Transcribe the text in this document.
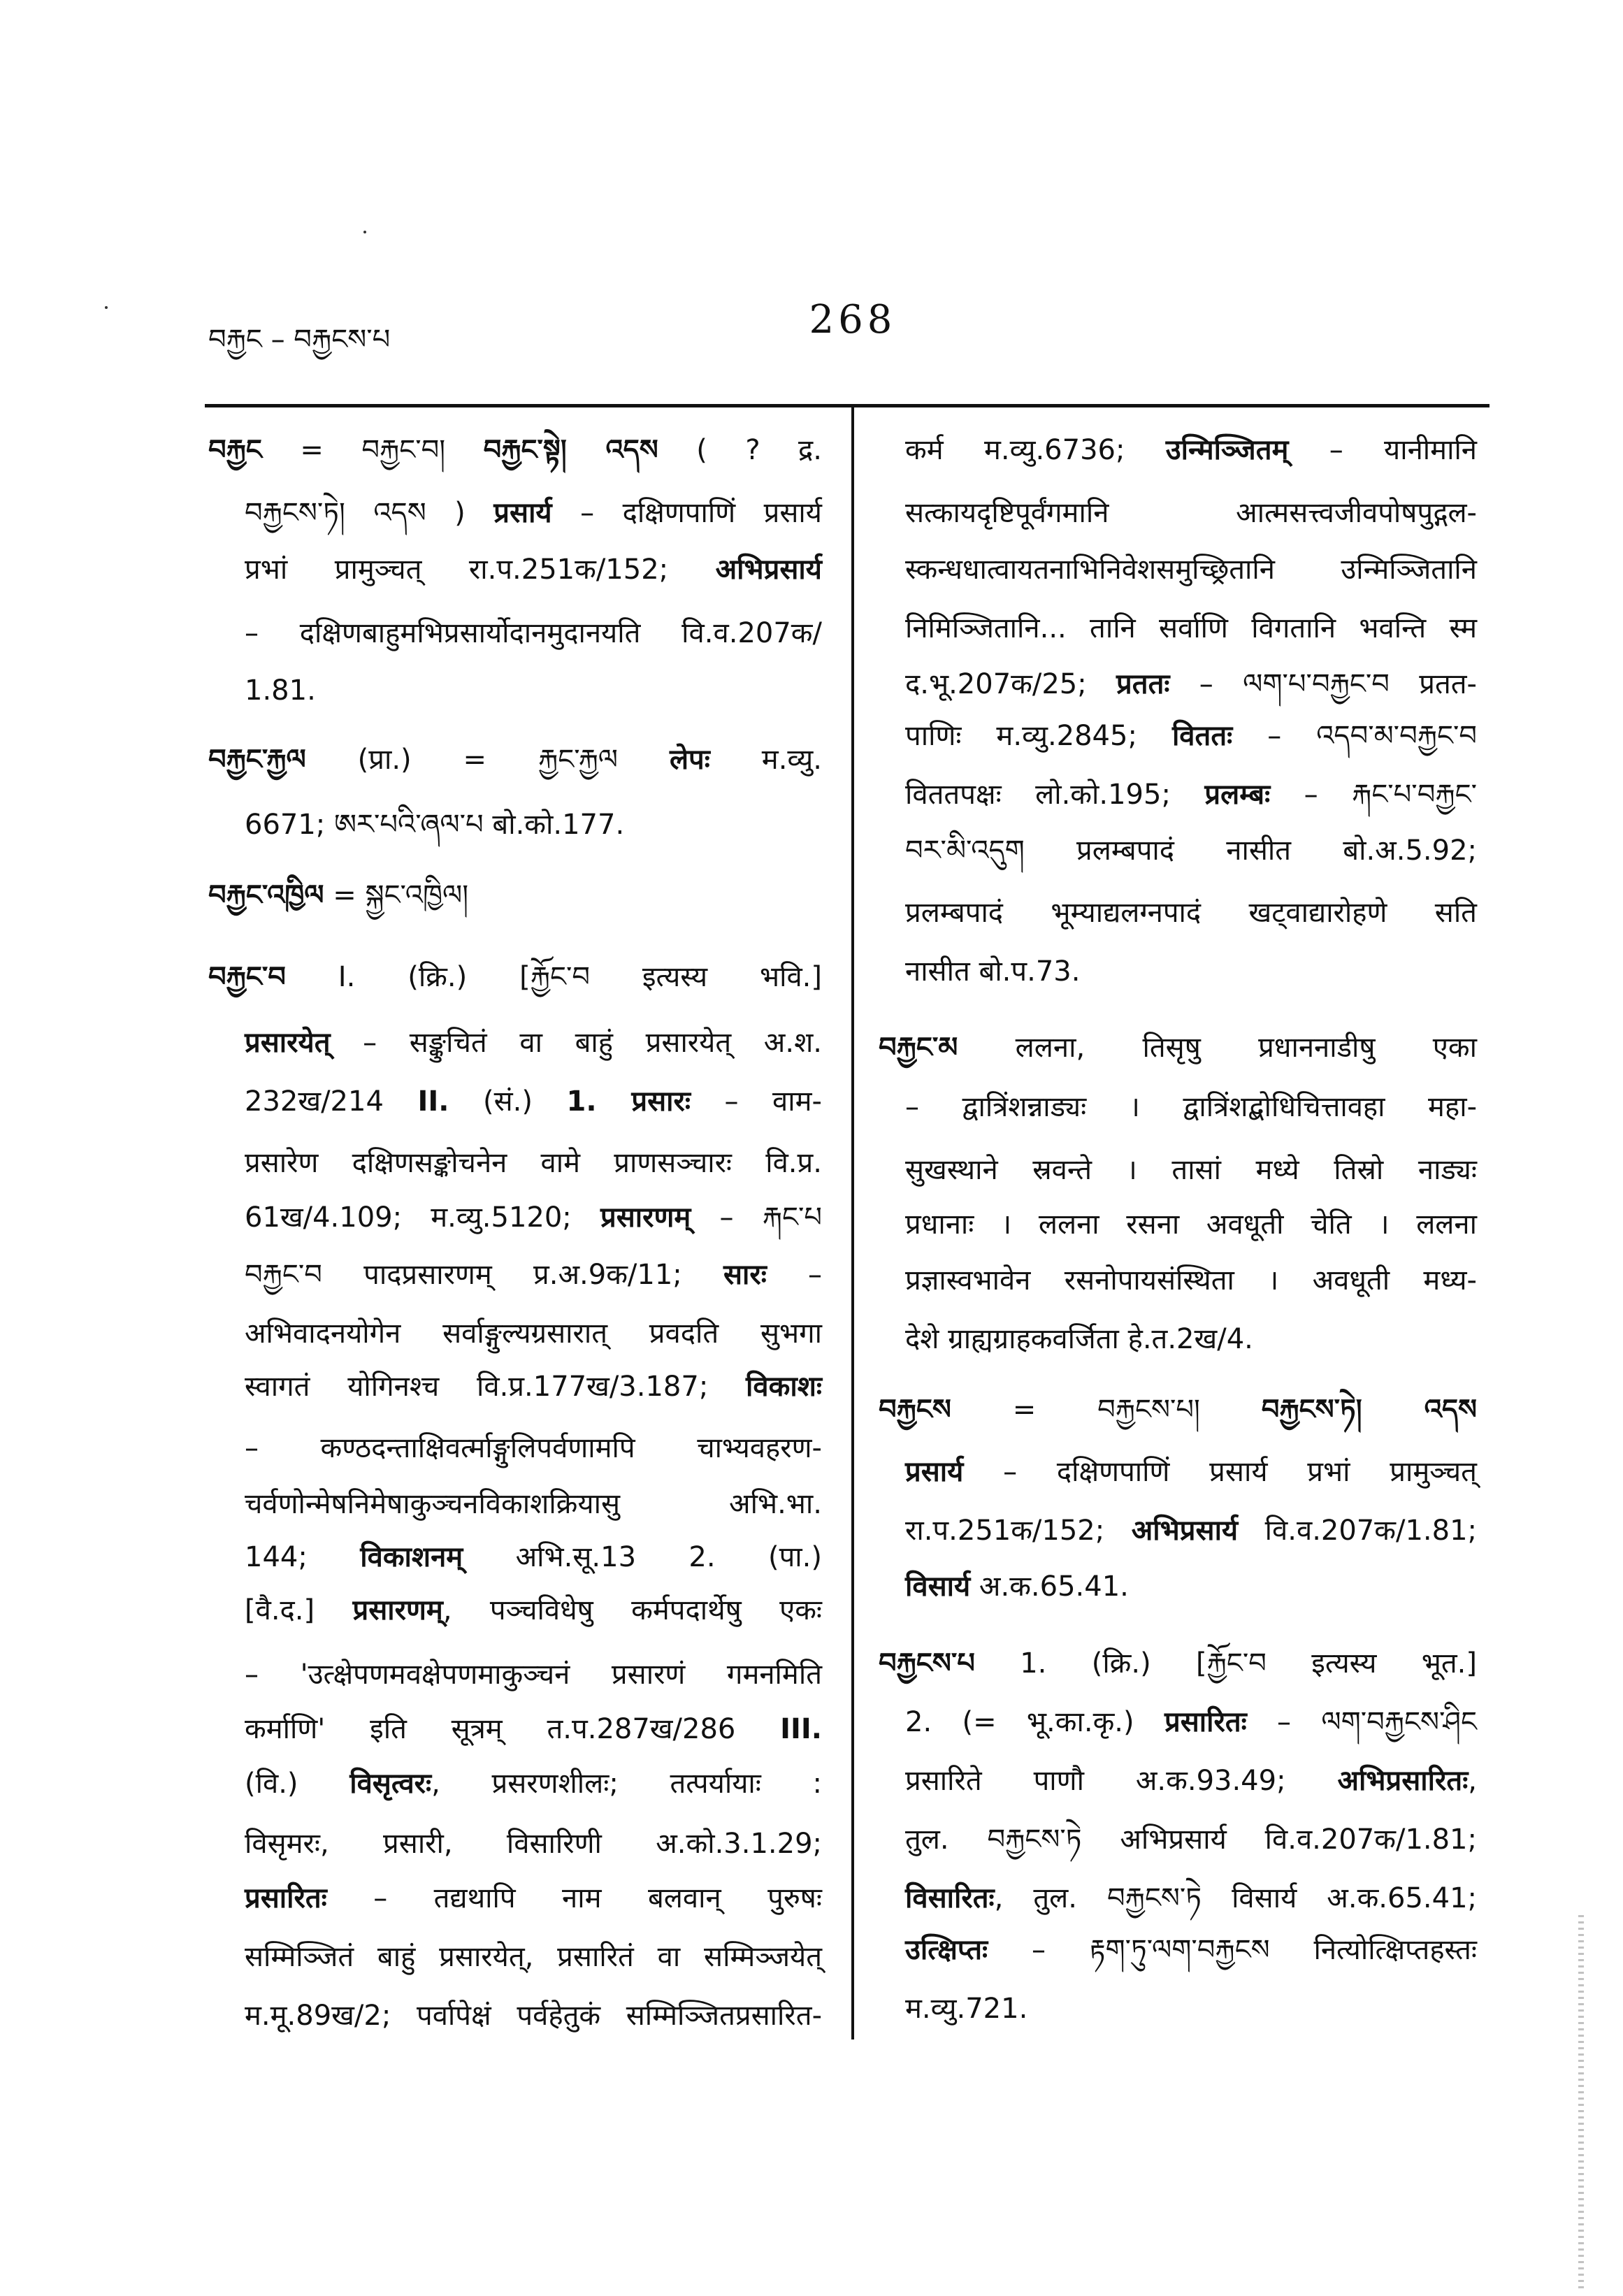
བརྐྱང – བརྐྱངས་པ	268
བརྐྱང = བརྐྱང་བ། བརྐྱང་སྟེ། འདས ( ? द्र.
བརྐྱངས་ཏེ། འདས ) प्रसार्य – दक्षिणपाणिं प्रसार्य
प्रभां प्रामुञ्चत् रा.प.251क/152; अभिप्रसार्य
– दक्षिणबाहुमभिप्रसार्योदानमुदानयति वि.व.207क/
1.81.
བརྐྱང་རྐྱལ (प्रा.) = རྐྱང་རྐྱལ लेपः म.व्यु.
6671; ཨར་པའི་ཞལ་པ बो.को.177.
བརྐྱང་འཁྱིལ = སྐྱང་འཁྱིལ།
བརྐྱང་བ I. (क्रि.) [རྐྱོང་བ इत्यस्य भवि.]
प्रसारयेत् – सङ्कुचितं वा बाहुं प्रसारयेत् अ.श.
232ख/214 II. (सं.) 1. प्रसारः – वाम-
प्रसारेण दक्षिणसङ्कोचनेन वामे प्राणसञ्चारः वि.प्र.
61ख/4.109; म.व्यु.5120; प्रसारणम् – རྐང་པ
བརྐྱང་བ पादप्रसारणम् प्र.अ.9क/11; सारः –
अभिवादनयोगेन सर्वाङ्गुल्यग्रसारात् प्रवदति सुभगा
स्वागतं योगिनश्च वि.प्र.177ख/3.187; विकाशः
– कण्ठदन्ताक्षिवर्त्माङ्गुलिपर्वणामपि चाभ्यवहरण-
चर्वणोन्मेषनिमेषाकुञ्चनविकाशक्रियासु अभि.भा.
144; विकाशनम् अभि.सू.13 2. (पा.)
[वै.द.] प्रसारणम्, पञ्चविधेषु कर्मपदार्थेषु एकः
– 'उत्क्षेपणमवक्षेपणमाकुञ्चनं प्रसारणं गमनमिति
कर्माणि' इति सूत्रम् त.प.287ख/286 III.
(वि.) विसृत्वरः, प्रसरणशीलः; तत्पर्यायाः :
विसृमरः, प्रसारी, विसारिणी अ.को.3.1.29;
प्रसारितः – तद्यथापि नाम बलवान् पुरुषः
सम्मिञ्जितं बाहुं प्रसारयेत्, प्रसारितं वा सम्मिञ्जयेत्
म.मू.89ख/2; पर्वापेक्षं पर्वहेतुकं सम्मिञ्जितप्रसारित-
कर्म म.व्यु.6736; उन्मिञ्जितम् – यानीमानि
सत्कायदृष्टिपूर्वंगमानि आत्मसत्त्वजीवपोषपुद्गल-
स्कन्धधात्वायतनाभिनिवेशसमुच्छ्रितानि उन्मिञ्जितानि
निमिञ्जितानि... तानि सर्वाणि विगतानि भवन्ति स्म
द.भू.207क/25; प्रततः – ལག་པ་བརྐྱང་བ प्रतत-
पाणिः म.व्यु.2845; विततः – འདབ་མ་བརྐྱང་བ
विततपक्षः लो.को.195; प्रलम्बः – རྐང་པ་བརྐྱང་
བར་མི་འདུག प्रलम्बपादं नासीत बो.अ.5.92;
प्रलम्बपादं भूम्याद्यलग्नपादं खट्वाद्यारोहणे सति
नासीत बो.प.73.
བརྐྱང་མ ललना, तिसृषु प्रधाननाडीषु एका
– द्वात्रिंशन्नाड्यः । द्वात्रिंशद्बोधिचित्तावहा महा-
सुखस्थाने स्रवन्ते । तासां मध्ये तिस्रो नाड्यः
प्रधानाः । ललना रसना अवधूती चेति । ललना
प्रज्ञास्वभावेन रसनोपायसंस्थिता । अवधूती मध्य-
देशे ग्राह्यग्राहकवर्जिता हे.त.2ख/4.
བརྐྱངས = བརྐྱངས་པ། བརྐྱངས་ཏེ། འདས
प्रसार्य – दक्षिणपाणिं प्रसार्य प्रभां प्रामुञ्चत्
रा.प.251क/152; अभिप्रसार्य वि.व.207क/1.81;
विसार्य अ.क.65.41.
བརྐྱངས་པ 1. (क्रि.) [རྐྱོང་བ इत्यस्य भूत.]
2. (= भू.का.कृ.) प्रसारितः – ལག་བརྐྱངས་ཤིང
प्रसारिते पाणौ अ.क.93.49; अभिप्रसारितः,
तुल. བརྐྱངས་ཏེ अभिप्रसार्य वि.व.207क/1.81;
विसारितः, तुल. བརྐྱངས་ཏེ विसार्य अ.क.65.41;
उत्क्षिप्तः – རྟག་ཏུ་ལག་བརྐྱངས नित्योत्क्षिप्तहस्तः
म.व्यु.721.
